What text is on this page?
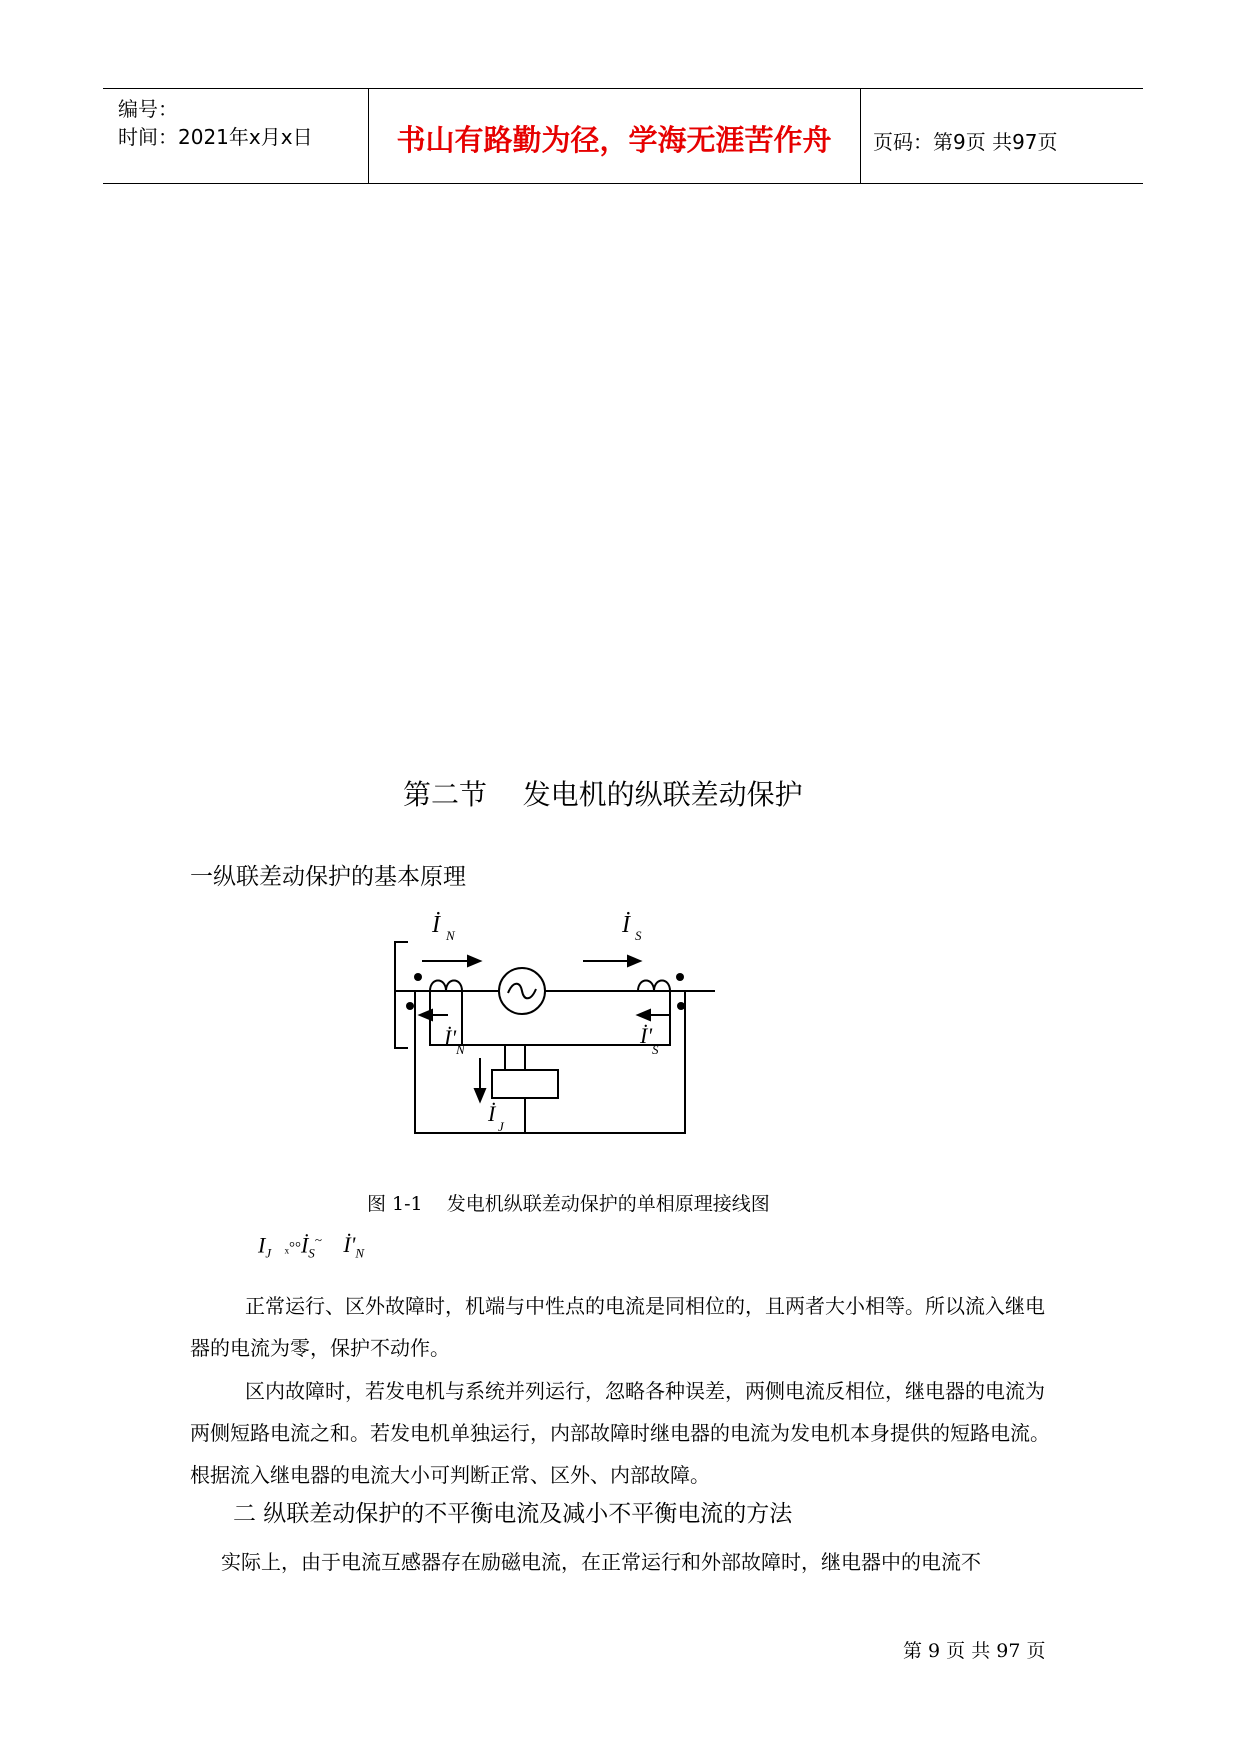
编号：
时间：2021年x月x日	书山有路勤为径，学海无涯苦作舟	页码：第9页 共97页
第二节    发电机的纵联差动保护
一纵联差动保护的基本原理
İ N	İ S
İ' N
İ'
S
İ
J
图 1-1    发电机纵联差动保护的单相原理接线图
$I_J$ $_x^\circ^\circ İ_S^\sim$ $İ'_N$
正常运行、区外故障时，机端与中性点的电流是同相位的，且两者大小相等。所以流入继电器的电流为零，保护不动作。
区内故障时，若发电机与系统并列运行，忽略各种误差，两侧电流反相位，继电器的电流为两侧短路电流之和。若发电机单独运行，内部故障时继电器的电流为发电机本身提供的短路电流。根据流入继电器的电流大小可判断正常、区外、内部故障。
二 纵联差动保护的不平衡电流及减小不平衡电流的方法
实际上，由于电流互感器存在励磁电流，在正常运行和外部故障时，继电器中的电流不
第 9 页 共 97 页
